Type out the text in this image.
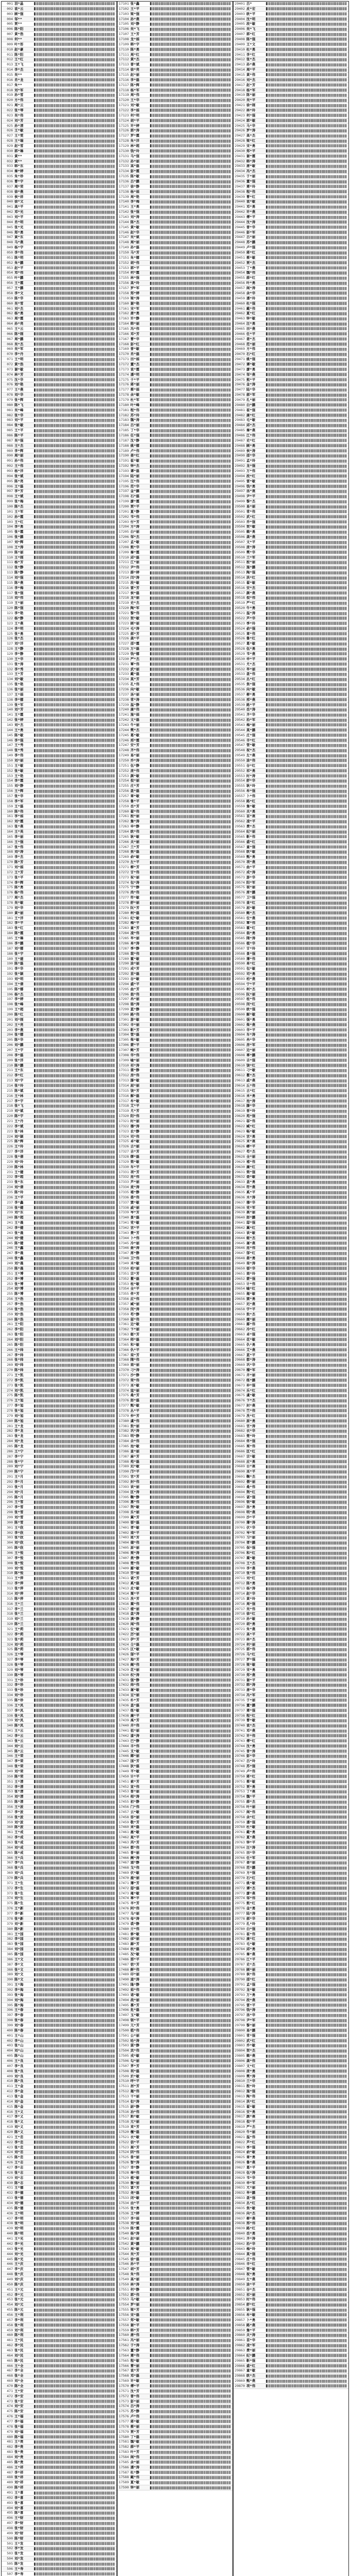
001 羽*晶
002 袁*云
003 顾*强
004 邹**
005 贾**
006 陈*阳
007 黄*浩
008 何**
009 叶*彤
010 赵*豪
011 陈*阳
012 王*红
013 王*飞
014 李*杰
015 吴**
016 肖*龙
017 朱**
018 刘*军
019 孙*雪
020 方*伟
021 周*云
022 张*琴
023 吴*伟
024 刘*芳
025 孙*清
026 王*敏
027 王*雯
028 王*瑞
029 赵*雪
030 郭*琳
031 黄**
032 黄**
033 韩*东
034 秦*婷
035 朱*珍
036 曹*宇
037 周*荣
038 徐*燕
039 侯*祥
040 徐*文
041 高*平
042 邓*光
043 刘*平
044 肖*明
045 张*光
046 郑*勇
047 黄*东
048 马*燕
049 杨*宇
050 李*伟
051 陈*明
052 朱*鹏
053 赵*平
054 邓*伟
055 叶*鹏
056 王*霞
057 王*鹏
058 李*文
059 陈*华
060 吴*雪
061 刘*杰
062 杨*勇
063 周*霞
064 孙*亮
065 王*云
066 陈*刚
067 周*鹏
068 吴*杰
069 吴*军
070 李*丹
071 王*明
072 黄*浩
073 谢*敏
074 林*芳
075 沈*华
076 刘*艳
077 王*燕
078 刘*华
079 张*辉
080 陈*飞
081 吴*峰
082 张*华
083 刘*平
084 张*敏
085 王*平
086 陈*平
087 吴*强
088 王*杰
089 李*辉
090 周*丽
091 孙*伟
092 王*伟
093 杨*洋
094 张*斌
095 陈*亮
096 王*磊
097 李*芳
098 王*斌
099 张*梅
100 陈*杰
101 王*军
102 孙*霞
103 王*红
104 李*勇
105 张*霞
106 张*鹏
107 刘*辉
108 王*涛
109 陈*丽
110 王*刚
111 杨*芳
112 张*静
113 陈*静
114 刘*强
115 陈*燕
116 李*梅
117 张*强
118 刘*伟
119 王*丽
120 陈*强
121 李*艳
122 杨*静
123 王*燕
124 李*明
125 张*勇
126 张*杰
127 刘*洋
128 王*静
129 李*静
130 王*华
131 张*涛
132 李*秀
133 王*芳
134 刘*敏
135 张*艳
136 张*丽
137 王*娟
138 李*娜
139 张*军
140 刘*芳
141 王*霞
142 张*婷
143 刘*杰
144 王*勇
145 陈*敏
146 李*强
147 王*秀
148 张*秀
149 李*伟
150 刘*丽
151 王*敏
152 张*敏
153 王*艳
154 李*霞
155 刘*静
156 王*辉
157 张*华
158 李*军
159 王*磊
160 陈*伟
161 李*娟
162 刘*霞
163 张*燕
164 王*英
165 李*丽
166 王*强
167 张*伟
168 刘*涛
169 李*杰
170 陈*芳
171 刘*娟
172 王*芳
173 张*平
174 李*辉
175 陈*勇
176 杨*伟
177 周*杰
178 吴*敏
179 刘*华
180 黄*丽
181 王*洋
182 李*平
183 张*红
184 陈*霞
185 王*琳
186 李*鹏
187 刘*娜
188 张*宇
189 王*建
190 陈*磊
191 李*华
192 张*颖
193 刘*明
194 王*倩
195 陈*娜
196 杨*杰
197 李*婷
198 张*峰
199 王*超
200 陈*红
201 刘*刚
202 王*亮
203 李*燕
204 张*娜
205 陈*华
206 刘*鹏
207 王*宇
208 李*磊
209 张*洋
210 陈*鹏
211 王*东
212 李*红
213 刘*宇
214 张*玲
215 陈*斌
216 王*林
217 李*宇
218 张*飞
219 刘*斌
220 陈*宇
221 王*丹
222 李*斌
223 张*林
224 刘*颖
225 陈*辉
226 王*玲
227 李*洋
228 张*倩
229 刘*玲
230 陈*林
231 王*健
232 李*超
233 张*东
234 刘*倩
235 陈*玲
236 王*平
237 李*鑫
238 张*健
239 刘*东
240 陈*超
241 王*晨
242 李*健
243 张*晨
244 刘*健
245 陈*健
246 王*鑫
247 李*晨
248 张*鑫
249 刘*晨
250 陈*晨
251 王*博
252 李*博
253 张*博
254 刘*博
255 陈*博
256 王*浩
257 李*浩
258 张*浩
259 刘*浩
260 陈*浩
261 王*阳
262 李*阳
263 张*阳
264 刘*阳
265 陈*阳
266 王*帅
267 李*帅
268 张*帅
269 刘*帅
270 陈*帅
271 王*凯
272 李*凯
273 张*凯
274 刘*凯
275 陈*凯
276 王*旭
277 李*旭
278 张*旭
279 刘*旭
280 陈*旭
281 王*龙
282 李*龙
283 张*龙
284 刘*龙
285 陈*龙
286 王*宁
287 李*宁
288 张*宁
289 刘*宁
290 陈*宁
291 王*月
292 李*月
293 张*月
294 刘*月
295 陈*月
296 王*雪
297 李*雪
298 张*雪
299 刘*雪
300 陈*雪
301 王*欣
302 李*欣
303 张*欣
304 刘*欣
305 陈*欣
306 王*悦
307 李*悦
308 张*悦
309 刘*悦
310 陈*悦
311 王*萍
312 李*萍
313 张*萍
314 刘*萍
315 陈*萍
316 王*兰
317 李*兰
318 张*兰
319 刘*兰
320 陈*兰
321 王*莉
322 李*莉
323 张*莉
324 刘*莉
325 陈*莉
326 王*琴
327 李*琴
328 张*琴
329 刘*琴
330 陈*琴
331 王*珍
332 李*珍
333 张*珍
334 刘*珍
335 陈*珍
336 王*凤
337 李*凤
338 张*凤
339 刘*凤
340 陈*凤
341 王*云
342 李*云
343 张*云
344 刘*云
345 陈*云
346 王*荣
347 李*荣
348 张*荣
349 刘*荣
350 陈*荣
351 王*清
352 李*清
353 张*清
354 刘*清
355 陈*清
356 王*波
357 李*波
358 张*波
359 刘*波
360 陈*波
361 王*成
362 李*成
363 张*成
364 刘*成
365 陈*成
366 王*兵
367 李*兵
368 张*兵
369 刘*兵
370 陈*兵
371 王*生
372 李*生
373 张*生
374 刘*生
375 陈*生
376 王*新
377 李*新
378 张*新
379 刘*新
380 陈*新
381 王*国
382 李*国
383 张*国
384 刘*国
385 陈*国
386 王*文
387 李*文
388 张*文
389 刘*文
390 陈*文
391 王*海
392 李*海
393 张*海
394 刘*海
395 陈*海
396 王*春
397 李*春
398 张*春
399 刘*春
400 陈*春
401 王*山
402 李*山
403 张*山
404 刘*山
405 陈*山
406 王*良
407 李*良
408 张*良
409 刘*良
410 陈*良
411 王*金
412 李*金
413 张*金
414 刘*金
415 陈*金
416 王*义
417 李*义
418 张*义
419 刘*义
420 陈*义
421 王*忠
422 李*忠
423 张*忠
424 刘*忠
425 陈*忠
426 王*志
427 李*志
428 张*志
429 刘*志
430 陈*志
431 王*德
432 李*德
433 张*德
434 刘*德
435 陈*德
436 王*明
437 李*明
438 张*明
439 刘*明
440 陈*明
441 王*光
442 李*光
443 张*光
444 刘*光
445 陈*光
446 王*庆
447 李*庆
448 张*庆
449 刘*庆
450 陈*庆
451 王*元
452 李*元
453 张*元
454 刘*元
455 陈*元
456 王*利
457 李*利
458 张*利
459 刘*利
460 陈*利
461 王*民
462 李*民
463 张*民
464 刘*民
465 陈*民
466 王*全
467 李*全
468 张*全
469 刘*全
470 陈*全
471 王*安
472 李*安
473 张*安
474 刘*安
475 陈*安
476 王*福
477 李*福
478 张*福
479 刘*福
480 陈*福
481 王*贵
482 李*贵
483 张*贵
484 刘*贵
485 陈*贵
486 王*祥
487 李*祥
488 张*祥
489 刘*祥
490 陈*祥
491 王*喜
492 李*喜
493 张*喜
494 刘*喜
495 陈*喜
496 王*财
497 李*财
498 张*财
499 刘*财
500 陈*财
501 王*发
502 李*发
503 张*发
504 刘*发
505 陈*发
506 王*寿
507 李*寿
17101 张*鑫
17102 王*平
17103 梁*强
17104 孙*燕
17105 刘*静
17106 吴*飞
17107 王*芳
17108 龙*娟
17109 韩*宇
17110 陈*勇
17111 周*红
17112 黄*杰
17113 曾*斌
17114 徐*亮
17115 赵*丽
17116 李*磊
17117 陈*辉
17118 杨*军
17119 周*伟
17120 王*华
17121 刘*敏
17122 李*娟
17123 何*明
17124 胡*平
17125 许*婷
17126 郭*涛
17127 罗*霞
17128 朱*洋
17129 林*超
17130 钱*玲
17131 马*强
17132 孙*丽
17133 高*磊
17134 彭*霞
17135 陈*敏
17136 吕*鹏
17137 徐*静
17138 杨*娟
17139 周*艳
17140 李*梅
17141 王*勇
17142 张*强
17143 刘*涛
17144 陈*杰
17145 黄*敏
17146 赵*华
17147 吴*斌
17148 周*丽
17149 孙*磊
17150 马*芳
17151 朱*娜
17152 胡*伟
17153 郭*平
17154 何*霞
17155 林*强
17156 高*玲
17157 罗*军
17158 郑*婷
17159 梁*涛
17160 谢*艳
17161 宋*军
17162 唐*勇
17163 许*静
17164 韩*丽
17165 冯*伟
17166 邓*芳
17167 曹*华
17168 彭*红
17169 曾*敏
17170 肖*磊
17171 田*娟
17172 董*杰
17173 袁*霞
17174 潘*明
17175 于*平
17176 蒋*丽
17177 蔡*娟
17178 余*敏
17179 杜*军
17180 叶*峰
17181 程*伟
17182 苏*玲
17183 魏*涛
17184 吕*丽
17185 丁*华
17186 任*强
17187 沈*静
17188 姚*娜
17189 卢*伟
17190 姜*红
17191 崔*敏
17192 钟*杰
17193 谭*磊
17194 陆*丽
17195 汪*伟
17196 范*华
17197 金*鹏
17198 石*磊
17199 廖*霞
17200 贾*平
17201 夏*静
17202 韦*伟
17203 付*芳
17204 方*涛
17205 白*丽
17206 邹*杰
17207 孟*敏
17208 熊*华
17209 秦*霞
17210 邱*磊
17211 江*丽
17212 尹*伟
17213 薛*婷
17214 闫*涛
17215 段*敏
17216 雷*芳
17217 侯*磊
17218 龙*丽
17219 史*杰
17220 陶*军
17221 黎*伟
17222 贺*敏
17223 顾*丽
17224 毛*涛
17225 郝*芳
17226 龚*平
17227 邵*霞
17228 万*磊
17229 钱*娜
17230 严*杰
17231 覃*伟
17232 武*丽
17233 戴*磊
17234 莫*芳
17235 孔*伟
17236 向*敏
17237 汤*丽
17238 常*涛
17239 温*静
17240 康*伟
17241 施*娟
17242 文*磊
17243 牛*丽
17244 樊*杰
17245 葛*敏
17246 邢*霞
17247 安*芳
17248 齐*伟
17249 易*丽
17250 乔*涛
17251 伍*静
17252 庞*伟
17253 颜*敏
17254 倪*丽
17255 庄*芳
17256 聂*磊
17257 章*敏
17258 鲁*平
17259 岳*芳
17260 翟*伟
17261 殷*丽
17262 詹*涛
17263 申*静
17264 欧*伟
17265 耿*敏
17266 关*丽
17267 兰*芳
17268 焦*磊
17269 俞*敏
17270 左*平
17271 柳*芳
17272 甘*伟
17273 祝*丽
17274 包*涛
17275 宁*静
17276 尚*伟
17277 符*敏
17278 舒*丽
17279 阮*芳
17280 柯*磊
17281 纪*敏
17282 梅*平
17283 童*芳
17284 凌*伟
17285 毕*丽
17286 单*涛
17287 季*静
17288 裴*伟
17289 霍*敏
17290 涂*丽
17291 成*芳
17292 苗*磊
17293 谷*敏
17294 盛*平
17295 曲*芳
17296 翁*伟
17297 冉*丽
17298 骆*涛
17299 蓝*静
17300 路*伟
17301 游*敏
17302 辛*丽
17303 靳*芳
17304 管*磊
17305 柴*敏
17306 蒙*平
17307 鲍*芳
17308 华*伟
17309 喻*丽
17310 祁*涛
17311 蒲*静
17312 房*伟
17313 滕*敏
17314 屈*丽
17315 饶*芳
17316 解*磊
17317 牟*敏
17318 艾*平
17319 尤*芳
17320 阳*伟
17321 时*丽
17322 穆*涛
17323 农*静
17324 司*伟
17325 卓*敏
17326 古*丽
17327 吉*芳
17328 缪*磊
17329 简*敏
17330 车*平
17331 项*芳
17332 连*伟
17333 芦*丽
17334 麦*涛
17335 褚*静
17336 娄*伟
17337 窦*敏
17338 戚*丽
17339 岑*芳
17340 景*磊
17341 党*敏
17342 宫*平
17343 费*芳
17344 卜*伟
17345 冷*丽
17346 晏*涛
17347 席*静
17348 卫*伟
17349 米*敏
17350 柏*丽
17351 宗*芳
17352 瞿*磊
17353 桂*敏
17354 全*平
17355 佟*芳
17356 应*伟
17357 臧*丽
17358 闵*涛
17359 苟*静
17360 邬*伟
17361 边*敏
17362 卞*丽
17363 姬*芳
17364 师*磊
17365 和*敏
17366 仇*平
17367 栾*芳
17368 隋*伟
17369 商*丽
17370 刁*涛
17371 沙*静
17372 荣*伟
17373 巫*敏
17374 寇*丽
17375 桑*芳
17376 郎*磊
17377 甄*敏
17378 丛*平
17379 仲*芳
17380 虞*伟
17381 敖*丽
17382 巩*涛
17383 明*静
17384 佘*伟
17385 池*敏
17386 查*丽
17387 麻*芳
17388 苑*磊
17389 迟*敏
17390 邝*平
17391 官*芳
17392 封*伟
17393 谈*丽
17394 匡*涛
17395 鞠*静
17396 惠*伟
17397 荆*敏
17398 乐*丽
17399 冀*芳
17400 郁*磊
17401 胥*敏
17402 南*平
17403 班*芳
17404 储*伟
17405 原*丽
17406 栗*涛
17407 燕*静
17408 楚*伟
17409 鄢*敏
17410 劳*丽
17411 谌*芳
17412 奚*磊
17413 皮*敏
17414 粟*平
17415 冼*芳
17416 蔺*伟
17417 楼*丽
17418 盘*涛
17419 满*静
17420 闻*伟
17421 位*敏
17422 厉*丽
17423 伊*芳
17424 仝*磊
17425 区*敏
17426 郜*平
17427 海*芳
17428 阚*伟
17429 花*丽
17430 权*涛
17431 强*静
17432 帅*伟
17433 屠*敏
17434 豆*丽
17435 朴*芳
17436 盖*磊
17437 练*敏
17438 廉*平
17439 禹*芳
17440 井*伟
17441 祖*丽
17442 漆*涛
17443 巴*静
17444 丰*伟
17445 支*敏
17446 卿*丽
17447 国*芳
17448 狄*磊
17449 平*敏
17450 计*平
17451 索*芳
17452 宣*伟
17453 晋*丽
17454 相*涛
17455 初*静
17456 门*伟
17457 云*敏
17458 容*丽
17459 敬*芳
17460 来*磊
17461 扈*敏
17462 晁*平
17463 芮*芳
17464 都*伟
17465 普*丽
17466 阙*涛
17467 浦*静
17468 戈*伟
17469 伏*敏
17470 鹿*丽
17471 薄*芳
17472 邸*磊
17473 雍*敏
17474 辜*平
17475 羊*芳
17476 阿*伟
17477 乌*丽
17478 母*涛
17479 裘*静
17480 亓*伟
17481 修*敏
17482 邰*丽
17483 赫*芳
17484 杭*磊
17485 况*敏
17486 那*平
17487 宿*芳
17488 鲜*伟
17489 印*丽
17490 逯*涛
17491 隆*静
17492 茹*伟
17493 诸*敏
17494 战*丽
17495 慕*芳
17496 危*磊
17497 玉*敏
17498 银*平
17499 亢*芳
17500 嵇*伟
17501 公*丽
17502 哈*涛
17503 湛*静
17504 宾*伟
17505 戎*敏
17506 勾*丽
17507 茅*芳
17508 利*磊
17509 於*敏
17510 呼*平
17511 居*芳
17512 揭*伟
17513 干*丽
17514 但*涛
17515 尉*静
17516 冶*伟
17517 斯*敏
17518 元*丽
17519 束*芳
17520 檀*磊
17521 衣*敏
17522 信*平
17523 展*芳
17524 阴*伟
17525 昝*丽
17526 智*涛
17527 幸*静
17528 奉*伟
17529 植*敏
17530 衡*丽
17531 富*芳
17532 尧*磊
17533 闭*敏
17534 由*平
17535 张*勇
17536 王*婷
17537 李*娟
17538 刘*斌
17539 陈*霞
17540 杨*涛
17541 赵*丽
17542 黄*鹏
17543 周*敏
17544 吴*芳
17545 徐*磊
17546 孙*平
17547 胡*芳
17548 朱*伟
17549 高*丽
17550 林*涛
17551 何*静
17552 郭*伟
17553 马*敏
17554 罗*丽
17555 梁*芳
17556 宋*磊
17557 郑*敏
17558 谢*平
17559 韩*芳
17560 唐*伟
17561 冯*丽
17562 于*涛
17563 董*静
17564 萧*伟
17565 程*敏
17566 曹*丽
17567 袁*芳
17568 邓*磊
17569 许*敏
17570 傅*平
17571 沈*芳
17572 曾*伟
17573 彭*丽
17574 吕*涛
17575 苏*静
17576 卢*伟
17577 蒋*敏
17578 蔡*丽
17579 贾*芳
17580 丁*磊
17581 魏*敏
17582 薛*平
17583 叶*芳
17584 阎*伟
17585 余*丽
17586 潘*涛
17587 杜*静
17588 戴*伟
17589 夏*敏
17590 钟*丽
29401 吕*
29402 皮*宏
29403 欧*平
29404 沈*明
29405 段*敏
29406 吴*飞
29407 郭*红
29408 陈*强
29409 王*文
29410 杜*勇
29411 李*红
29412 张*杰
29413 孙*燕
29414 周*平
29415 黄*伟
29416 刘*杰
29417 赵*芳
29418 杨*军
29419 陈*丽
29420 吴*平
29421 徐*刚
29422 林*玲
29423 何*强
29424 郭*敏
29425 马*华
29426 罗*涛
29427 高*杰
29428 梁*红
29429 宋*勇
29430 郑*平
29431 谢*霞
29432 韩*涛
29433 唐*敏
29434 冯*杰
29435 于*丽
29436 董*强
29437 萧*玲
29438 程*伟
29439 曹*红
29440 袁*敏
29441 邓*勇
29442 许*燕
29443 傅*平
29444 沈*涛
29445 曾*华
29446 彭*军
29447 吕*丽
29448 苏*鹏
29449 卢*强
29450 蒋*红
29451 蔡*敏
29452 贾*杰
29453 丁*燕
29454 魏*伟
29455 薛*红
29456 叶*勇
29457 阎*涛
29458 余*华
29459 潘*玲
29460 杜*强
29461 戴*伟
29462 夏*红
29463 钟*敏
29464 汪*勇
29465 田*燕
29466 任*平
29467 姜*杰
29468 范*丽
29469 方*伟
29470 石*红
29471 姚*强
29472 谭*敏
29473 廖*勇
29474 邹*燕
29475 熊*平
29476 金*涛
29477 陆*华
29478 郝*军
29479 孔*丽
29480 白*鹏
29481 崔*强
29482 康*红
29483 毛*敏
29484 邱*杰
29485 秦*燕
29486 江*伟
29487 史*红
29488 顾*勇
29489 侯*涛
29490 邵*华
29491 孟*玲
29492 龙*强
29493 万*伟
29494 段*红
29495 雷*敏
29496 钱*勇
29497 汤*燕
29498 尹*平
29499 黎*杰
29500 易*丽
29501 常*伟
29502 武*红
29503 乔*强
29504 贺*敏
29505 赖*勇
29506 龚*燕
29507 文*平
29508 庞*涛
29509 樊*华
29510 兰*军
29511 殷*丽
29512 施*鹏
29513 陶*强
29514 洪*红
29515 翟*敏
29516 安*杰
29517 颜*燕
29518 倪*伟
29519 严*红
29520 牛*勇
29521 温*涛
29522 芦*华
29523 季*玲
29524 俞*强
29525 章*伟
29526 鲁*红
29527 葛*敏
29528 伍*勇
29529 韦*燕
29530 申*平
29531 尤*杰
29532 毕*丽
29533 聂*伟
29534 丛*红
29535 焦*强
29536 向*敏
29537 柳*勇
29538 邢*燕
29539 路*平
29540 岳*涛
29541 齐*华
29542 沿*军
29543 梅*丽
29544 莫*鹏
29545 庄*强
29546 辛*红
29547 管*敏
29548 祝*杰
29549 左*燕
29550 涂*伟
29551 谷*红
29552 祁*勇
29553 时*涛
29554 舒*华
29555 耿*玲
29556 牟*强
29557 卜*伟
29558 路*红
29559 詹*敏
29560 关*勇
29561 苗*燕
29562 凌*平
29563 费*杰
29564 纪*丽
29565 靳*伟
29566 盛*红
29567 童*强
29568 欧*敏
29569 甄*勇
29570 项*燕
29571 曲*平
29572 成*涛
29573 游*华
29574 阳*军
29575 裴*丽
29576 席*鹏
29577 卫*强
29578 查*红
29579 屈*敏
29580 鲍*杰
29581 位*燕
29582 覃*伟
29583 霍*红
29584 翁*勇
29585 隋*涛
29586 植*华
29587 甘*玲
29588 景*强
29589 薄*伟
29590 单*红
29591 包*敏
29592 司*勇
29593 柏*燕
29594 宁*平
29595 柯*杰
29596 阮*丽
29597 桂*伟
29598 闵*红
29599 欧*强
29600 解*敏
29601 强*勇
29602 柴*燕
29603 华*平
29604 车*涛
29605 冉*华
29606 房*军
29607 边*丽
29608 辜*鹏
29609 吉*强
29610 饶*红
29611 刁*敏
29612 瞿*杰
29613 戚*燕
29614 丘*伟
29615 古*红
29616 米*勇
29617 池*涛
29618 滕*华
29619 晋*玲
29620 苑*强
29621 邬*伟
29622 臧*红
29623 畅*敏
29624 宫*勇
29625 来*燕
29626 嵺*平
29627 苟*杰
29628 全*丽
29629 褚*伟
29630 廉*红
29631 简*强
29632 娄*敏
29633 盖*勇
29634 符*燕
29635 奚*平
29636 木*涛
29637 穆*华
29638 党*军
29639 燕*丽
29640 郎*鹏
29641 邸*强
29642 冀*红
29643 谈*敏
29644 姬*杰
29645 屠*燕
29646 连*伟
29647 郜*红
29648 晏*勇
29649 栾*涛
29650 郁*华
29651 商*玲
29652 蒙*强
29653 计*伟
29654 喻*红
29655 揭*敏
29656 窦*勇
29657 迟*燕
29658 宇*平
29659 敖*杰
29660 糜*丽
29661 鄢*伟
29662 冷*红
29663 卓*强
29664 花*敏
29665 仇*勇
29666 艾*燕
29667 蓝*平
29668 都*涛
29669 巩*华
29670 稽*军
29671 井*丽
29672 练*鹏
29673 仲*强
29674 乐*红
29675 虞*敏
29676 卞*杰
29677 封*燕
29678 竺*伟
29679 冼*红
29680 原*勇
29681 官*涛
29682 衣*华
29683 楚*玲
29684 佟*强
29685 栗*伟
29686 匡*红
29687 宗*敏
29688 应*勇
29689 台*燕
29690 巫*平
29691 鞠*杰
29692 僧*丽
29693 桑*伟
29694 荆*红
29695 谌*强
29696 银*敏
29697 扬*勇
29698 明*燕
29699 沙*平
29700 薄*涛
29701 伏*华
29702 岑*军
29703 习*丽
29704 胥*鹏
29705 保*强
29706 和*红
29707 蔺*敏
29708 王*杰
29709 李*燕
29710 张*伟
29711 刘*红
29712 陈*勇
29713 杨*涛
29714 赵*华
29715 黄*玲
29716 周*强
29717 吴*伟
29718 徐*红
29719 孙*敏
29720 胡*勇
29721 朱*燕
29722 高*平
29723 林*杰
29724 何*丽
29725 郭*伟
29726 马*红
29727 罗*强
29728 梁*敏
29729 宋*勇
29730 郑*燕
29731 谢*平
29732 韩*涛
29733 唐*华
29734 冯*军
29735 于*丽
29736 董*鹏
29737 萧*强
29738 程*红
29739 曹*敏
29740 袁*杰
29741 邓*燕
29742 许*伟
29743 傅*红
29744 沈*勇
29745 曾*涛
29746 彭*华
29747 吕*玲
29748 苏*强
29749 卢*伟
29750 蒋*红
29751 蔡*敏
29752 贾*勇
29753 丁*燕
29754 魏*平
29755 薛*杰
29756 叶*丽
29757 阎*伟
29758 余*红
29759 潘*强
29760 杜*敏
29761 戴*勇
29762 夏*燕
29763 钟*平
29764 汪*涛
29765 田*华
29766 任*军
29767 姜*丽
29768 范*鹏
29769 方*强
29770 石*红
29771 姚*敏
29772 谭*杰
29773 廖*燕
29774 邹*伟
29775 熊*红
29776 金*勇
29777 陆*涛
29778 郝*华
29779 孔*玲
29780 白*强
29781 崔*伟
29782 康*红
29783 毛*敏
29784 邱*勇
29785 秦*燕
29786 江*平
29787 史*杰
29788 顾*丽
29789 侯*伟
29790 邵*红
29791 孟*强
29792 龙*敏
29793 万*勇
29794 段*燕
29795 雷*平
29796 钱*涛
29797 汤*华
29798 尹*军
29799 黎*丽
29800 易*鹏
29801 常*强
29802 武*红
29803 乔*敏
29804 贺*杰
29805 赖*燕
29806 龚*伟
29807 文*红
29808 庞*勇
29809 樊*涛
29810 兰*华
29811 殷*玲
29812 施*强
29813 陶*伟
29814 洪*红
29815 翟*敏
29816 安*勇
29817 颜*燕
29818 倪*平
29819 严*杰
29820 牛*丽
29821 温*伟
29822 芦*红
29823 季*强
29824 俞*敏
29825 章*勇
29826 鲁*燕
29827 葛*平
29828 伍*涛
29829 韦*华
29830 申*军
29831 尤*丽
29832 毕*鹏
29833 聂*强
29834 丛*红
29835 焦*敏
29836 向*杰
29837 柳*燕
29838 邢*伟
29839 路*红
29840 岳*勇
29841 齐*涛
29842 沿*华
29843 梅*玲
29844 莫*强
29845 庄*伟
29846 辛*红
29847 管*敏
29848 祝*勇
29849 左*燕
29850 涂*平
29851 谷*杰
29852 祁*丽
29853 时*伟
29854 舒*红
29855 耿*强
29856 牟*敏
29857 卜*勇
29858 路*燕
29859 詹*平
29860 关*涛
29861 苗*华
29862 凌*军
29863 费*丽
29864 纪*鹏
29865 靳*强
29866 盛*红
29867 童*敏
29868 欧*杰
29869 甄*燕
29870 项*伟
